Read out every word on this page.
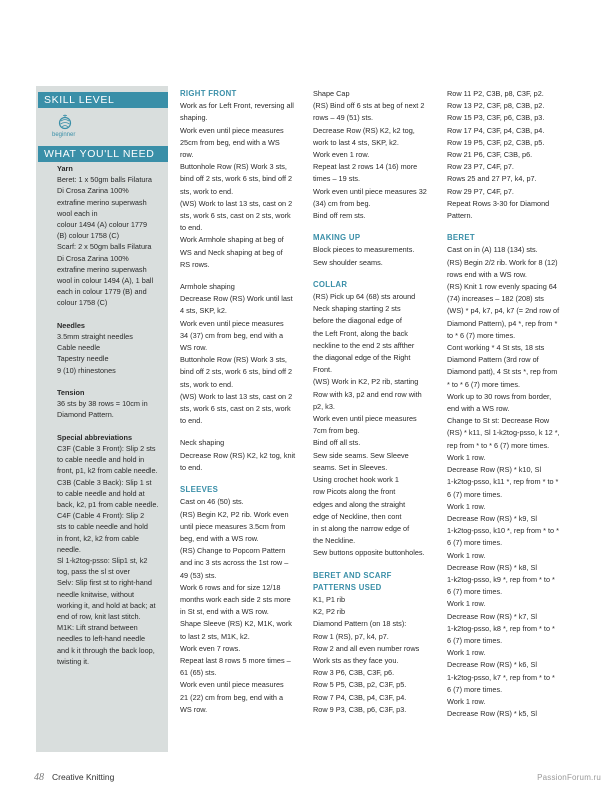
SKILL LEVEL
beginner
WHAT YOU'LL NEED
Yarn
Beret: 1 x 50gm balls Filatura
Di Crosa Zarina 100%
extrafine merino superwash
wool each in
colour 1494 (A) colour 1779
(B) colour 1758 (C)
Scarf: 2 x 50gm balls Filatura
Di Crosa Zarina 100%
extrafine merino superwash
wool in colour 1494 (A), 1 ball
each in colour 1779 (B) and
colour 1758 (C)
Needles
3.5mm straight needles
Cable needle
Tapestry needle
9 (10) rhinestones
Tension
36 sts by 38 rows = 10cm in
Diamond Pattern.
Special abbreviations
C3F (Cable 3 Front): Slip 2 sts
to cable needle and hold in
front, p1, k2 from cable needle.
C3B (Cable 3 Back): Slip 1 st
to cable needle and hold at
back, k2, p1 from cable needle.
C4F (Cable 4 Front): Slip 2
sts to cable needle and hold
in front, k2, k2 from cable
needle.
Sl 1-k2tog-psso: Slip1 st, k2
tog, pass the sl st over
Selv: Slip first st to right-hand
needle knitwise, without
working it, and hold at back; at
end of row, knit last stitch.
M1K: Lift strand between
needles to left-hand needle
and k it through the back loop,
twisting it.

RIGHT FRONT

Work as for Left Front, reversing all

shaping.

Work even until piece measures

25cm from beg, end with a WS

row.

Buttonhole Row (RS) Work 3 sts,

bind off 2 sts, work 6 sts, bind off 2

sts, work to end.

(WS) Work to last 13 sts, cast on 2

sts, work 6 sts, cast on 2 sts, work

to end.

Work Armhole shaping at beg of

WS and Neck shaping at beg of

RS rows.

Armhole shaping

Decrease Row (RS) Work until last

4 sts, SKP, k2.

Work even until piece measures

34 (37) cm from beg, end with a

WS row.

Buttonhole Row (RS) Work 3 sts,

bind off 2 sts, work 6 sts, bind off 2

sts, work to end.

(WS) Work to last 13 sts, cast on 2

sts, work 6 sts, cast on 2 sts, work

to end.

Neck shaping

Decrease Row (RS) K2, k2 tog, knit

to end.

SLEEVES

Cast on 46 (50) sts.

(RS) Begin K2, P2 rib. Work even

until piece measures 3.5cm from

beg, end with a WS row.

(RS) Change to Popcorn Pattern

and inc 3 sts across the 1st row –

49 (53) sts.

Work 6 rows and for size 12/18

months work each side 2 sts more

in St st, end with a WS row.

Shape Sleeve (RS) K2, M1K, work

to last 2 sts, M1K, k2.

Work even 7 rows.

Repeat last 8 rows 5 more times –

61 (65) sts.

Work even until piece measures

21 (22) cm from beg, end with a

WS row.

Shape Cap

(RS) Bind off 6 sts at beg of next 2

rows – 49 (51) sts.

Decrease Row (RS) K2, k2 tog,

work to last 4 sts, SKP, k2.

Work even 1 row.

Repeat last 2 rows 14 (16) more

times – 19 sts.

Work even until piece measures 32

(34) cm from beg.

Bind off rem sts.

MAKING UP

Block pieces to measurements.

Sew shoulder seams.

COLLAR

(RS) Pick up 64 (68) sts around

Neck shaping starting 2 sts

before the diagonal edge of

the Left Front, along the back

neckline to the end 2 sts affther

the diagonal edge of the Right

Front.

(WS) Work in K2, P2 rib, starting

Row with k3, p2 and end row with

p2, k3.

Work even until piece measures

7cm from beg.

Bind off all sts.

Sew side seams. Sew Sleeve

seams. Set in Sleeves.

Using crochet hook work 1

row Picots along the front

edges and along the straight

edge of Neckline, then cont

in st along the narrow edge of

the Neckline.

Sew buttons opposite buttonholes.

BERET AND SCARF

PATTERNS USED

K1, P1 rib

K2, P2 rib

Diamond Pattern (on 18 sts):

Row 1 (RS), p7, k4, p7.

Row 2 and all even number rows

Work sts as they face you.

Row 3 P6, C3B, C3F, p6.

Row 5 P5, C3B, p2, C3F, p5.

Row 7 P4, C3B, p4, C3F, p4.

Row 9 P3, C3B, p6, C3F, p3.

Row 11 P2, C3B, p8, C3F, p2.

Row 13 P2, C3F, p8, C3B, p2.

Row 15 P3, C3F, p6, C3B, p3.

Row 17 P4, C3F, p4, C3B, p4.

Row 19 P5, C3F, p2, C3B, p5.

Row 21 P6, C3F, C3B, p6.

Row 23 P7, C4F, p7.

Rows 25 and 27 P7, k4, p7.

Row 29 P7, C4F, p7.

Repeat Rows 3-30 for Diamond

Pattern.

BERET

Cast on in (A) 118 (134) sts.

(RS) Begin 2/2 rib. Work for 8 (12)

rows end with a WS row.

(RS) Knit 1 row evenly spacing 64

(74) increases – 182 (208) sts

(WS) * p4, k7, p4, k7 (= 2nd row of

Diamond Pattern), p4 *, rep from *

to * 6 (7) more times.

Cont working * 4 St sts, 18 sts

Diamond Pattern (3rd row of

Diamond patt), 4 St sts *, rep from

* to * 6 (7) more times.

Work up to 30 rows from border,

end with a WS row.

Change to St st: Decrease Row

(RS) * k11, Sl 1-k2tog-psso, k 12 *,

rep from * to * 6 (7) more times.

Work 1 row.

Decrease Row (RS) * k10, Sl

1-k2tog-psso, k11 *, rep from * to *

6 (7) more times.

Work 1 row.

Decrease Row (RS) * k9, Sl

1-k2tog-psso, k10 *, rep from * to *

6 (7) more times.

Work 1 row.

Decrease Row (RS) * k8, Sl

1-k2tog-psso, k9 *, rep from * to *

6 (7) more times.

Work 1 row.

Decrease Row (RS) * k7, Sl

1-k2tog-psso, k8 *, rep from * to *

6 (7) more times.

Work 1 row.

Decrease Row (RS) * k6, Sl

1-k2tog-psso, k7 *, rep from * to *

6 (7) more times.

Work 1 row.

Decrease Row (RS) * k5, Sl

48 Creative Knitting	PassionForum.ru
